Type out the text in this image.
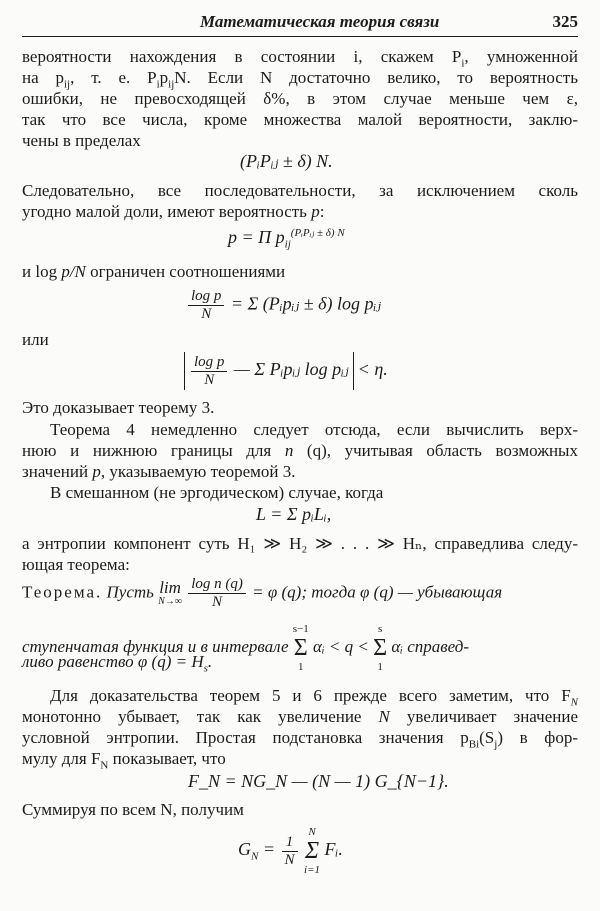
Математическая теория связи	325
вероятности нахождения в состоянии i, скажем $P_i$, умноженной
на $p_{ij}$, т. е. $P_ip_{ij}N$. Если N достаточно велико, то вероятность
ошибки, не превосходящей δ%, в этом случае меньше чем ε,
так что все числа, кроме множества малой вероятности, заклю-
чены в пределах
(PᵢPᵢⱼ ± δ) N.
Следовательно, все последовательности, за исключением сколь
угодно малой доли, имеют вероятность p:
p = Π $p_{ij}^{(PᵢPᵢⱼ \pm \delta) N}$
и log p/N ограничен соотношениями
$\frac{\text{log p}}{N} = \Sigma$ (Pᵢpᵢⱼ ± δ) log pᵢⱼ
или
$\frac{\text{log p}}{N}$ — Σ Pᵢpᵢⱼ log pᵢⱼ < η.
Это доказывает теорему 3.
Теорема 4 немедленно следует отсюда, если вычислить верх-
нюю и нижнюю границы для n (q), учитывая область возможных
значений p, указываемую теоремой 3.
В смешанном (не эргодическом) случае, когда
L = Σ pᵢLᵢ,
а энтропии компонент суть H₁ ≫ H₂ ≫ . . . ≫ Hₙ, справедлива следу-
ющая теорема:
Теорема. Пусть lim
N→∞
$\frac{\text{log n (q)}}{N} = \varphi$ (q); тогда φ (q) — убывающая
ступенчатая функция и в интервале
s−1
Σ
1
αᵢ < q <
s
Σ
1
αᵢ справед-
ливо равенство φ $(q) = H_s$.
Для доказательства теорем 5 и 6 прежде всего заметим, что $F_N$
монотонно убывает, так как увеличение N увеличивает значение
условной энтропии. Простая подстановка значения $p_{Bi}(S_j)$ в фор-
мулу для $F_N$ показывает, что
F_N = NG_N — (N — 1) G_{N−1}.
Суммируя по всем N, получим
$G_N = \frac{1}{N}$

N
Σ
i=1
Fᵢ.
